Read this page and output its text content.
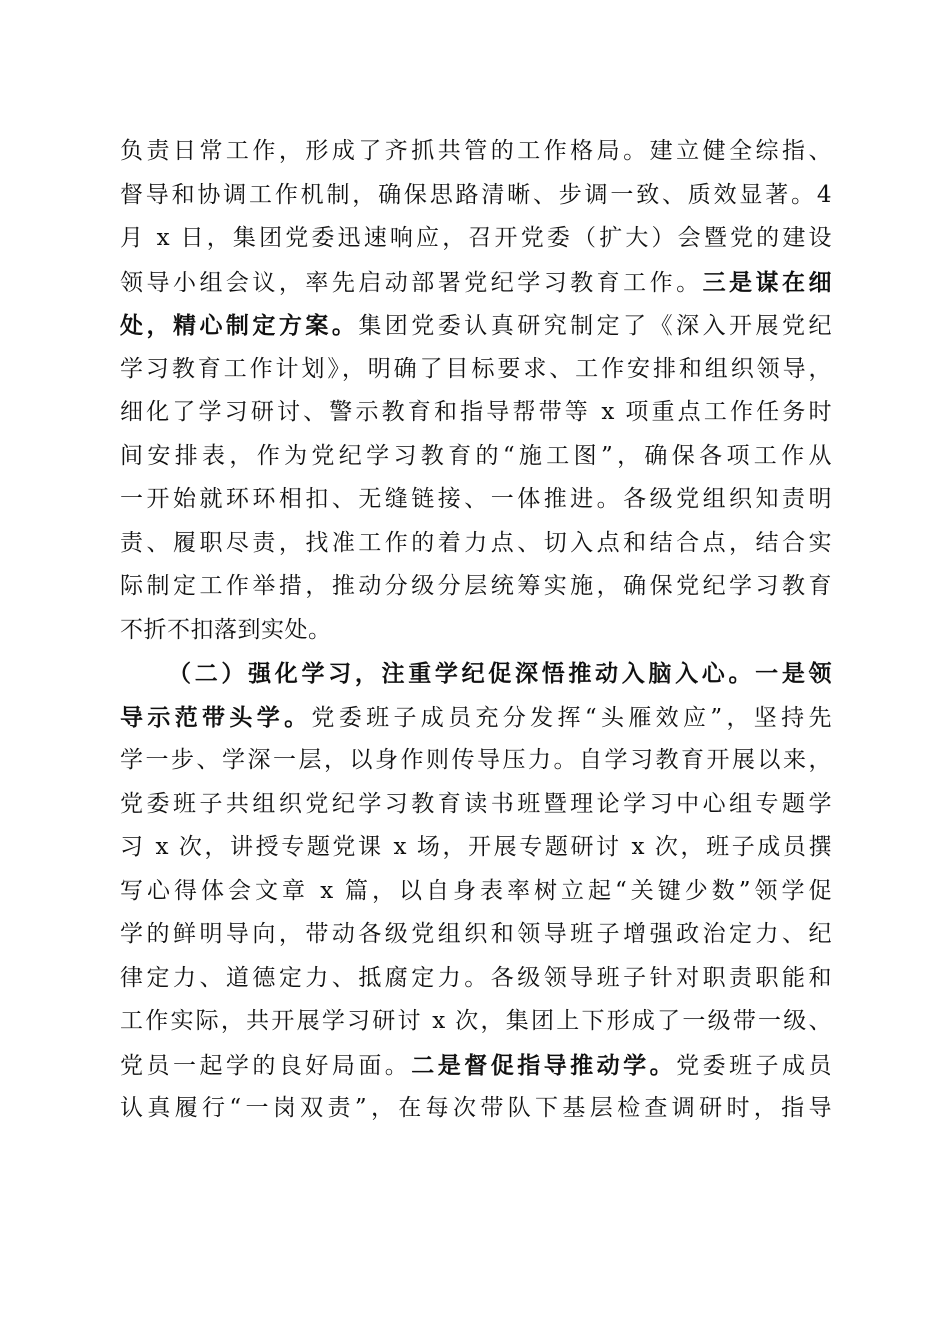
负责日常工作，形成了齐抓共管的工作格局。建立健全综指、
督导和协调工作机制，确保思路清晰、步调一致、质效显著。4
月 x 日，集团党委迅速响应，召开党委（扩大）会暨党的建设
领导小组会议，率先启动部署党纪学习教育工作。三是谋在细
处，精心制定方案。集团党委认真研究制定了《深入开展党纪
学习教育工作计划》，明确了目标要求、工作安排和组织领导，
细化了学习研讨、警示教育和指导帮带等 x 项重点工作任务时
间安排表，作为党纪学习教育的“施工图”，确保各项工作从
一开始就环环相扣、无缝链接、一体推进。各级党组织知责明
责、履职尽责，找准工作的着力点、切入点和结合点，结合实
际制定工作举措，推动分级分层统筹实施，确保党纪学习教育
不折不扣落到实处。
（二）强化学习，注重学纪促深悟推动入脑入心。一是领
导示范带头学。党委班子成员充分发挥“头雁效应”，坚持先
学一步、学深一层，以身作则传导压力。自学习教育开展以来，
党委班子共组织党纪学习教育读书班暨理论学习中心组专题学
习 x 次，讲授专题党课 x 场，开展专题研讨 x 次，班子成员撰
写心得体会文章 x 篇，以自身表率树立起“关键少数”领学促
学的鲜明导向，带动各级党组织和领导班子增强政治定力、纪
律定力、道德定力、抵腐定力。各级领导班子针对职责职能和
工作实际，共开展学习研讨 x 次，集团上下形成了一级带一级、
党员一起学的良好局面。二是督促指导推动学。党委班子成员
认真履行“一岗双责”，在每次带队下基层检查调研时，指导
